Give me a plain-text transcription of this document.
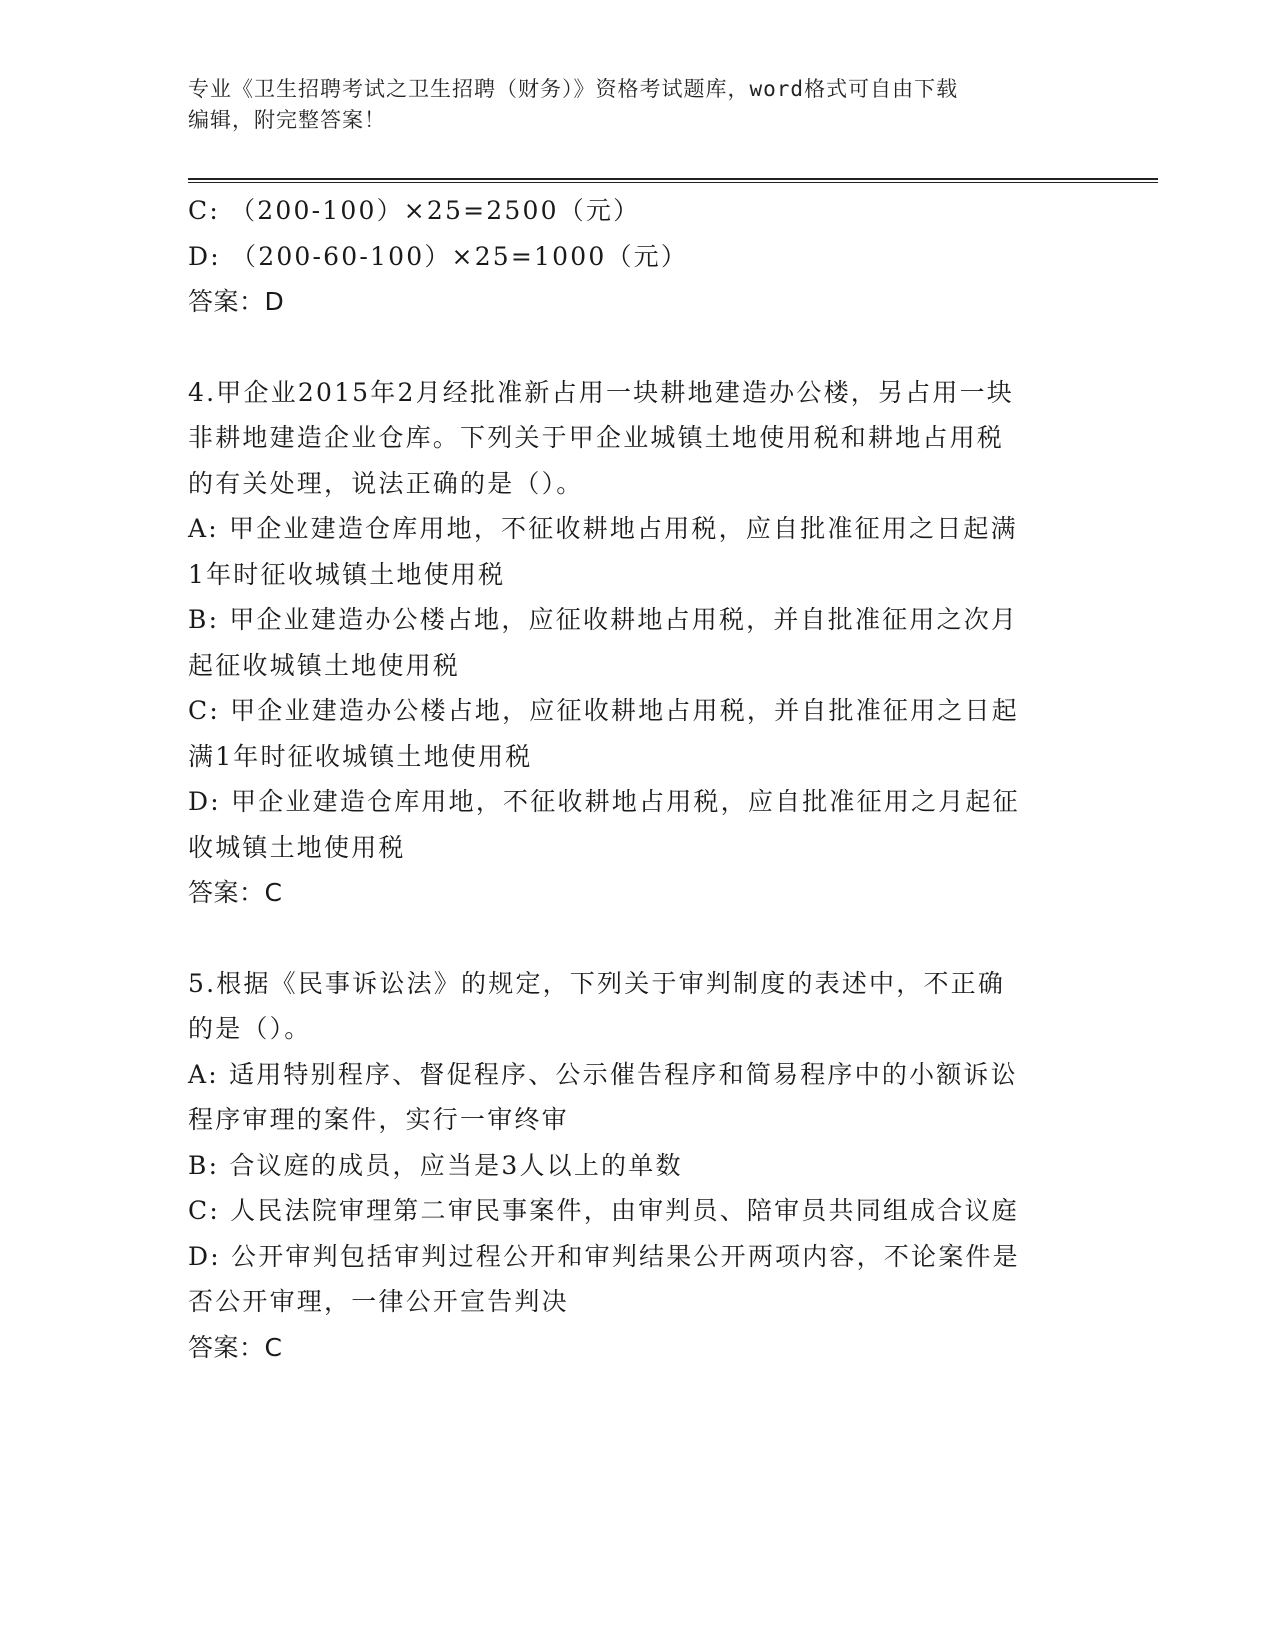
专业《卫生招聘考试之卫生招聘（财务）》资格考试题库，word格式可自由下载
编辑，附完整答案！
C: （200-100）×25=2500（元）
D: （200-60-100）×25=1000（元）
答案：D
4.甲企业2015年2月经批准新占用一块耕地建造办公楼，另占用一块
非耕地建造企业仓库。下列关于甲企业城镇土地使用税和耕地占用税
的有关处理，说法正确的是（）。
A: 甲企业建造仓库用地，不征收耕地占用税，应自批准征用之日起满
1年时征收城镇土地使用税
B: 甲企业建造办公楼占地，应征收耕地占用税，并自批准征用之次月
起征收城镇土地使用税
C: 甲企业建造办公楼占地，应征收耕地占用税，并自批准征用之日起
满1年时征收城镇土地使用税
D: 甲企业建造仓库用地，不征收耕地占用税，应自批准征用之月起征
收城镇土地使用税
答案：C
5.根据《民事诉讼法》的规定，下列关于审判制度的表述中，不正确
的是（）。
A: 适用特别程序、督促程序、公示催告程序和简易程序中的小额诉讼
程序审理的案件，实行一审终审
B: 合议庭的成员，应当是3人以上的单数
C: 人民法院审理第二审民事案件，由审判员、陪审员共同组成合议庭
D: 公开审判包括审判过程公开和审判结果公开两项内容，不论案件是
否公开审理，一律公开宣告判决
答案：C
